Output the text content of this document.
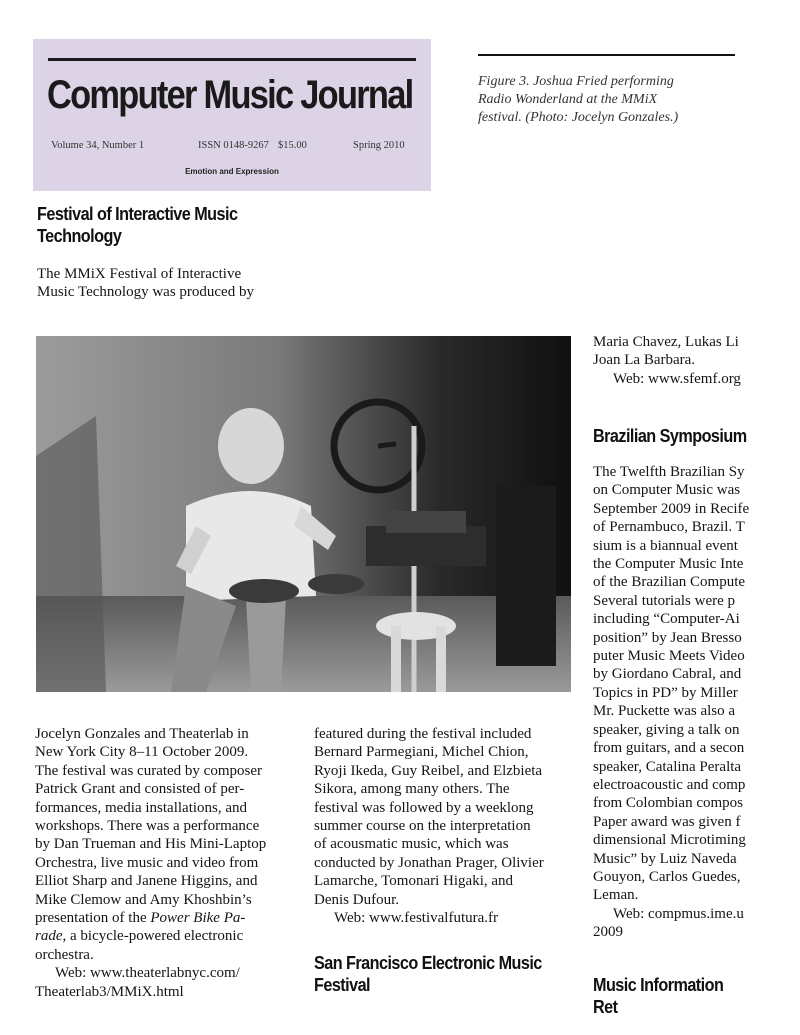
Computer Music Journal
Volume 34, Number 1	ISSN 0148-9267 $15.00	Spring 2010
Emotion and Expression
Figure 3. Joshua Fried performing
Radio Wonderland at the MMiX
festival. (Photo: Jocelyn Gonzales.)
Festival of Interactive Music
Technology
The MMiX Festival of Interactive
Music Technology was produced by
Jocelyn Gonzales and Theaterlab in
New York City 8–11 October 2009.
The festival was curated by composer
Patrick Grant and consisted of per-
formances, media installations, and
workshops. There was a performance
by Dan Trueman and His Mini-Laptop
Orchestra, live music and video from
Elliot Sharp and Janene Higgins, and
Mike Clemow and Amy Khoshbin’s
presentation of the Power Bike Pa-
rade, a bicycle-powered electronic
orchestra.
Web: www.theaterlabnyc.com/
Theaterlab3/MMiX.html
featured during the festival included
Bernard Parmegiani, Michel Chion,
Ryoji Ikeda, Guy Reibel, and Elzbieta
Sikora, among many others. The
festival was followed by a weeklong
summer course on the interpretation
of acousmatic music, which was
conducted by Jonathan Prager, Olivier
Lamarche, Tomonari Higaki, and
Denis Dufour.
Web: www.festivalfutura.fr
San Francisco Electronic Music
Festival
Maria Chavez, Lukas Li
Joan La Barbara.
Web: www.sfemf.org
Brazilian Symposium
The Twelfth Brazilian Sy
on Computer Music was
September 2009 in Recife
of Pernambuco, Brazil. T
sium is a biannual event
the Computer Music Inte
of the Brazilian Compute
Several tutorials were p
including “Computer-Ai
position” by Jean Bresso
puter Music Meets Video
by Giordano Cabral, and
Topics in PD” by Miller
Mr. Puckette was also a
speaker, giving a talk on
from guitars, and a secon
speaker, Catalina Peralta
electroacoustic and comp
from Colombian compos
Paper award was given f
dimensional Microtiming
Music” by Luiz Naveda
Gouyon, Carlos Guedes,
Leman.
Web: compmus.ime.u
2009
Music Information Ret
